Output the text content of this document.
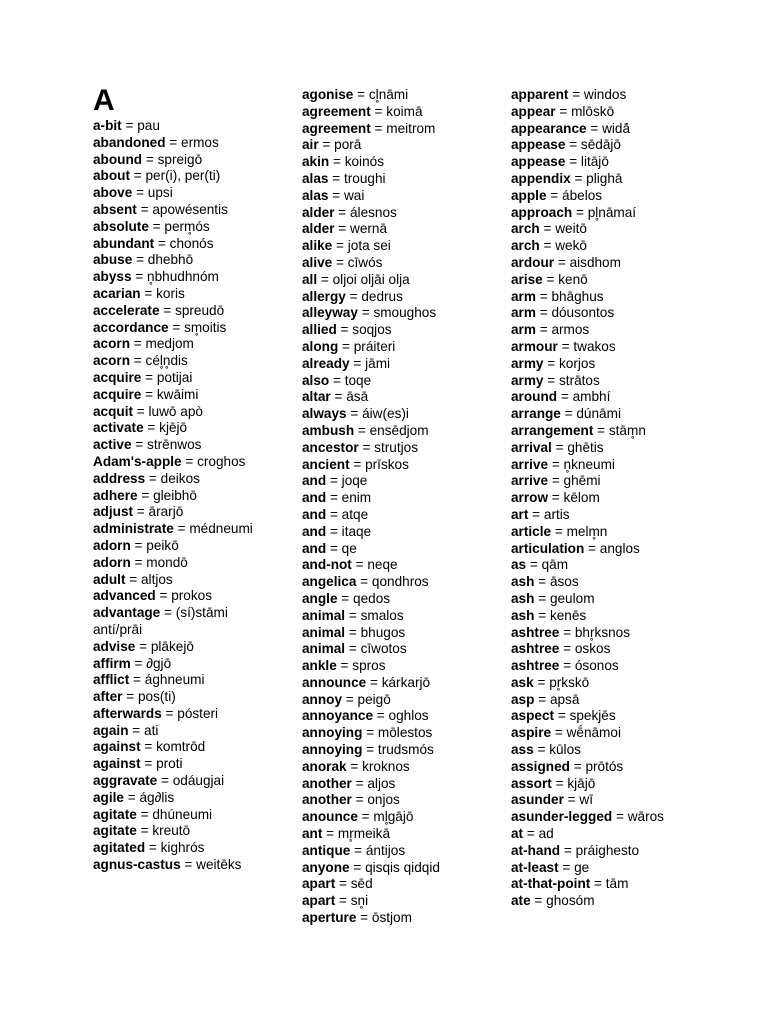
A
a-bit = pau
abandoned = ermos
abound = spreigō
about = per(i), per(ti)
above = upsi
absent = apowésentis
absolute = perm̥ós
abundant = chonós
abuse = dhebhō
abyss = n̥bhudhnóm
acarian = koris
accelerate = spreudō
accordance = sm̥oitis
acorn = medjom
acorn = cél̥n̥dis
acquire = potijai
acquire = kwāimi
acquit = luwō apò
activate = kjējō
active = strēnwos
Adam's-apple = croghos
address = deikos
adhere = gleibhō
adjust = ārarjō
administrate = médneumi
adorn = peikō
adorn = mondō
adult = altjos
advanced = prokos
advantage = (sí)stāmi antí/prāi
advise = plākejō
affirm = ∂gjō
afflict = ághneumi
after = pos(ti)
afterwards = pósteri
again = ati
against = komtrōd
against = proti
aggravate = odáugjai
agile = ág∂lis
agitate = dhúneumi
agitate = kreutō
agitated = kighrós
agnus-castus = weitēks
agonise = cl̥nāmi
agreement = koimā
agreement = meitrom
air = porā
akin = koinós
alas = troughi
alas = wai
alder = álesnos
alder = wernā
alike = jota sei
alive = cīwós
all = oljoi oljāi olja
allergy = dedrus
alleyway = smoughos
allied = soqjos
along = práiteri
already = jāmi
also = toqe
altar = āsā
always = áiw(es)i
ambush = ensēdjom
ancestor = strutjos
ancient = prīskos
and = joqe
and = enim
and = atqe
and = itaqe
and = qe
and-not = neqe
angelica = qondhros
angle = qedos
animal = smalos
animal = bhugos
animal = cīwotos
ankle = spros
announce = kárkarjō
annoy = peigō
annoyance = oghlos
annoying = mōlestos
annoying = trudsmós
anorak = kroknos
another = aljos
another = onjos
anounce = ml̥gājō
ant = mr̥meikā
antique = ántijos
anyone = qisqis qidqid
apart = sēd
apart = sn̥i
aperture = ōstjom
apparent = windos
appear = mlōskō
appearance = widā́
appease = sēdājō
appease = litājō
appendix = plighā
apple = ábelos
approach = pl̥nāmaí
arch = weitō
arch = wekō
ardour = aisdhom
arise = kenō
arm = bhāghus
arm = dóusontos
arm = armos
armour = twakos
army = korjos
army = strātos
around = ambhí
arrange = dúnāmi
arrangement = stām̥n
arrival = ghētis
arrive = n̥kneumi
arrive = ghēmi
arrow = kēlom
art = artis
article = melm̥n
articulation = anglos
as = qām
ash = āsos
ash = geulom
ash = kenēs
ashtree = bhr̥ksnos
ashtree = oskos
ashtree = ósonos
ask = pr̥kskō
asp = apsā
aspect = spekjēs
aspire = wḗnāmoi
ass = kūlos
assigned = prōtós
assort = kjājō
asunder = wī
asunder-legged = wāros
at = ad
at-hand = práighesto
at-least = ge
at-that-point = tām
ate = ghosóm
